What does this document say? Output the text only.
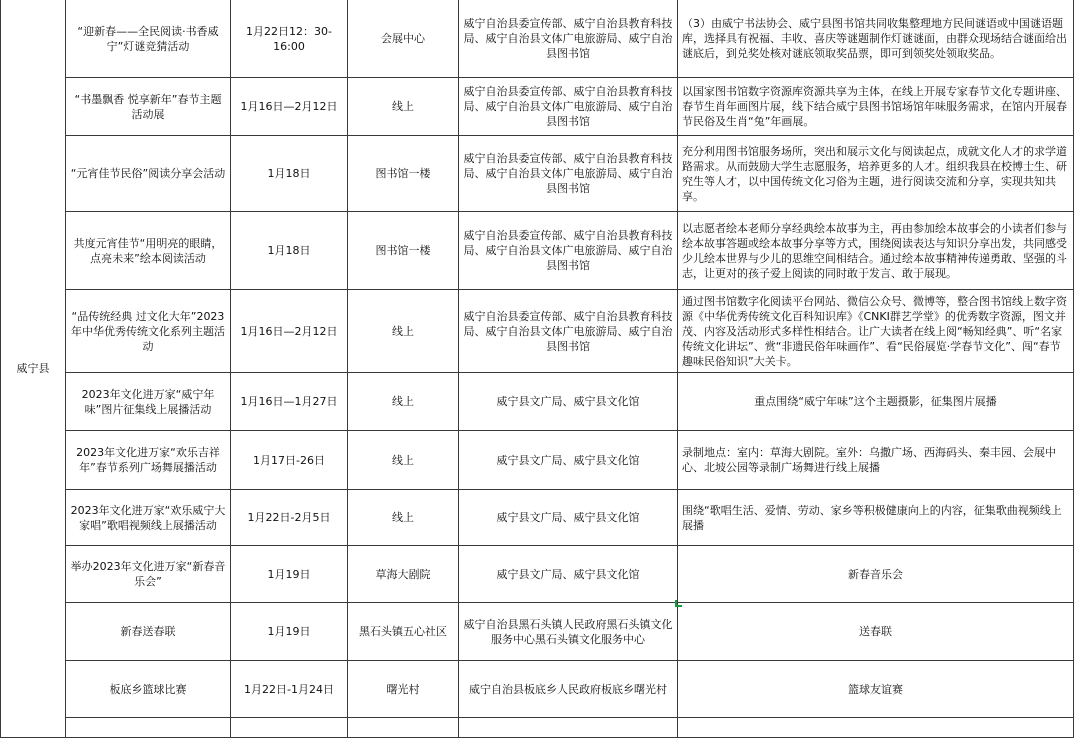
威宁县	“迎新春——全民阅读·书香威宁”灯谜竞猜活动	1月22日12：30-16:00	会展中心	威宁自治县委宣传部、威宁自治县教育科技局、威宁自治县文体广电旅游局、威宁自治县图书馆	（3）由威宁书法协会、威宁县图书馆共同收集整理地方民间谜语或中国谜语题库，选择具有祝福、丰收、喜庆等谜题制作灯谜谜面，由群众现场结合谜面给出谜底后，到兑奖处核对谜底领取奖品票，即可到领奖处领取奖品。
	“书墨飘香 悦享新年”春节主题活动展	1月16日—2月12日	线上	威宁自治县委宣传部、威宁自治县教育科技局、威宁自治县文体广电旅游局、威宁自治县图书馆	以国家图书馆数字资源库资源共享为主体，在线上开展专家春节文化专题讲座、春节生肖年画图片展，线下结合威宁县图书馆场馆年味服务需求，在馆内开展春节民俗及生肖“兔”年画展。
	“元宵佳节民俗”阅读分享会活动	1月18日	图书馆一楼	威宁自治县委宣传部、威宁自治县教育科技局、威宁自治县文体广电旅游局、威宁自治县图书馆	充分利用图书馆服务场所，突出和展示文化与阅读起点，成就文化人才的求学道路需求。从而鼓励大学生志愿服务，培养更多的人才。组织我县在校博士生、研究生等人才，以中国传统文化习俗为主题，进行阅读交流和分享，实现共知共享。
	共度元宵佳节“用明亮的眼睛，点亮未来”绘本阅读活动	1月18日	图书馆一楼	威宁自治县委宣传部、威宁自治县教育科技局、威宁自治县文体广电旅游局、威宁自治县图书馆	以志愿者绘本老师分享经典绘本故事为主，再由参加绘本故事会的小读者们参与绘本故事答题或绘本故事分享等方式，围绕阅读表达与知识分享出发，共同感受少儿绘本世界与少儿的思维空间相结合。通过绘本故事精神传递勇敢、坚强的斗志，让更对的孩子爱上阅读的同时敢于发言、敢于展现。
	“品传统经典 过文化大年”2023年中华优秀传统文化系列主题活动	1月16日—2月12日	线上	威宁自治县委宣传部、威宁自治县教育科技局、威宁自治县文体广电旅游局、威宁自治县图书馆	通过图书馆数字化阅读平台网站、微信公众号、微博等，整合图书馆线上数字资源《中华优秀传统文化百科知识库》《CNKI群艺学堂》的优秀数字资源，图文并茂、内容及活动形式多样性相结合。让广大读者在线上阅“畅知经典”、听“名家传统文化讲坛”、赏“非遗民俗年味画作”、看“民俗展览·学春节文化”、闯“春节趣味民俗知识”大关卡。
	2023年文化进万家“威宁年味”图片征集线上展播活动	1月16日—1月27日	线上	威宁县文广局、威宁县文化馆	重点围绕“威宁年味”这个主题摄影，征集图片展播
	2023年文化进万家“欢乐吉祥年”春节系列广场舞展播活动	1月17日-26日	线上	威宁县文广局、威宁县文化馆	录制地点：室内：草海大剧院。室外：乌撒广场、西海码头、秦丰园、会展中心、北坡公园等录制广场舞进行线上展播
	2023年文化进万家“欢乐威宁大家唱”歌唱视频线上展播活动	1月22日-2月5日	线上	威宁县文广局、威宁县文化馆	围绕“歌唱生活、爱情、劳动、家乡等积极健康向上的内容，征集歌曲视频线上展播
	举办2023年文化进万家“新春音乐会”	1月19日	草海大剧院	威宁县文广局、威宁县文化馆	新春音乐会
	新春送春联	1月19日	黑石头镇五心社区	威宁自治县黑石头镇人民政府黑石头镇文化服务中心黑石头镇文化服务中心	送春联
	板底乡篮球比赛	1月22日-1月24日	曙光村	威宁自治县板底乡人民政府板底乡曙光村	篮球友谊赛
